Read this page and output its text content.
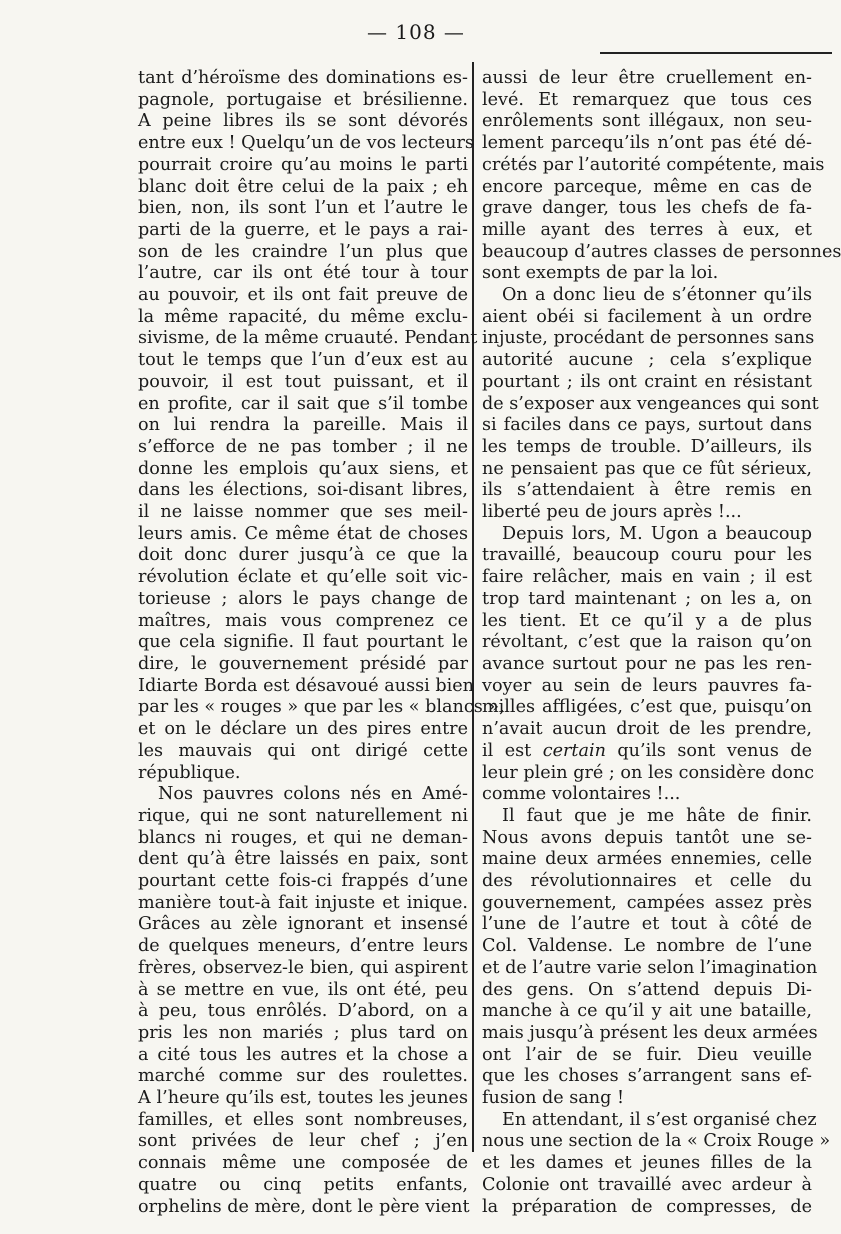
— 108 —
tant d’héroïsme des dominations es-
pagnole, portugaise et brésilienne.
A peine libres ils se sont dévorés
entre eux ! Quelqu’un de vos lecteurs
pourrait croire qu’au moins le parti
blanc doit être celui de la paix ; eh
bien, non, ils sont l’un et l’autre le
parti de la guerre, et le pays a rai-
son de les craindre l’un plus que
l’autre, car ils ont été tour à tour
au pouvoir, et ils ont fait preuve de
la même rapacité, du même exclu-
sivisme, de la même cruauté. Pendant
tout le temps que l’un d’eux est au
pouvoir, il est tout puissant, et il
en profite, car il sait que s’il tombe
on lui rendra la pareille. Mais il
s’efforce de ne pas tomber ; il ne
donne les emplois qu’aux siens, et
dans les élections, soi-disant libres,
il ne laisse nommer que ses meil-
leurs amis. Ce même état de choses
doit donc durer jusqu’à ce que la
révolution éclate et qu’elle soit vic-
torieuse ; alors le pays change de
maîtres, mais vous comprenez ce
que cela signifie. Il faut pourtant le
dire, le gouvernement présidé par
Idiarte Borda est désavoué aussi bien
par les « rouges » que par les « blancs »,
et on le déclare un des pires entre
les mauvais qui ont dirigé cette
république.
Nos pauvres colons nés en Amé-
rique, qui ne sont naturellement ni
blancs ni rouges, et qui ne deman-
dent qu’à être laissés en paix, sont
pourtant cette fois-ci frappés d’une
manière tout-à fait injuste et inique.
Grâces au zèle ignorant et insensé
de quelques meneurs, d’entre leurs
frères, observez-le bien, qui aspirent
à se mettre en vue, ils ont été, peu
à peu, tous enrôlés. D’abord, on a
pris les non mariés ; plus tard on
a cité tous les autres et la chose a
marché comme sur des roulettes.
A l’heure qu’ils est, toutes les jeunes
familles, et elles sont nombreuses,
sont privées de leur chef ; j’en
connais même une composée de
quatre ou cinq petits enfants,
orphelins de mère, dont le père vient
aussi de leur être cruellement en-
levé. Et remarquez que tous ces
enrôlements sont illégaux, non seu-
lement parcequ’ils n’ont pas été dé-
crétés par l’autorité compétente, mais
encore parceque, même en cas de
grave danger, tous les chefs de fa-
mille ayant des terres à eux, et
beaucoup d’autres classes de personnes
sont exempts de par la loi.
On a donc lieu de s’étonner qu’ils
aient obéi si facilement à un ordre
injuste, procédant de personnes sans
autorité aucune ; cela s’explique
pourtant ; ils ont craint en résistant
de s’exposer aux vengeances qui sont
si faciles dans ce pays, surtout dans
les temps de trouble. D’ailleurs, ils
ne pensaient pas que ce fût sérieux,
ils s’attendaient à être remis en
liberté peu de jours après !...
Depuis lors, M. Ugon a beaucoup
travaillé, beaucoup couru pour les
faire relâcher, mais en vain ; il est
trop tard maintenant ; on les a, on
les tient. Et ce qu’il y a de plus
révoltant, c’est que la raison qu’on
avance surtout pour ne pas les ren-
voyer au sein de leurs pauvres fa-
milles affligées, c’est que, puisqu’on
n’avait aucun droit de les prendre,
il est certain qu’ils sont venus de
leur plein gré ; on les considère donc
comme volontaires !...
Il faut que je me hâte de finir.
Nous avons depuis tantôt une se-
maine deux armées ennemies, celle
des révolutionnaires et celle du
gouvernement, campées assez près
l’une de l’autre et tout à côté de
Col. Valdense. Le nombre de l’une
et de l’autre varie selon l’imagination
des gens. On s’attend depuis Di-
manche à ce qu’il y ait une bataille,
mais jusqu’à présent les deux armées
ont l’air de se fuir. Dieu veuille
que les choses s’arrangent sans ef-
fusion de sang !
En attendant, il s’est organisé chez
nous une section de la « Croix Rouge »
et les dames et jeunes filles de la
Colonie ont travaillé avec ardeur à
la préparation de compresses, de
